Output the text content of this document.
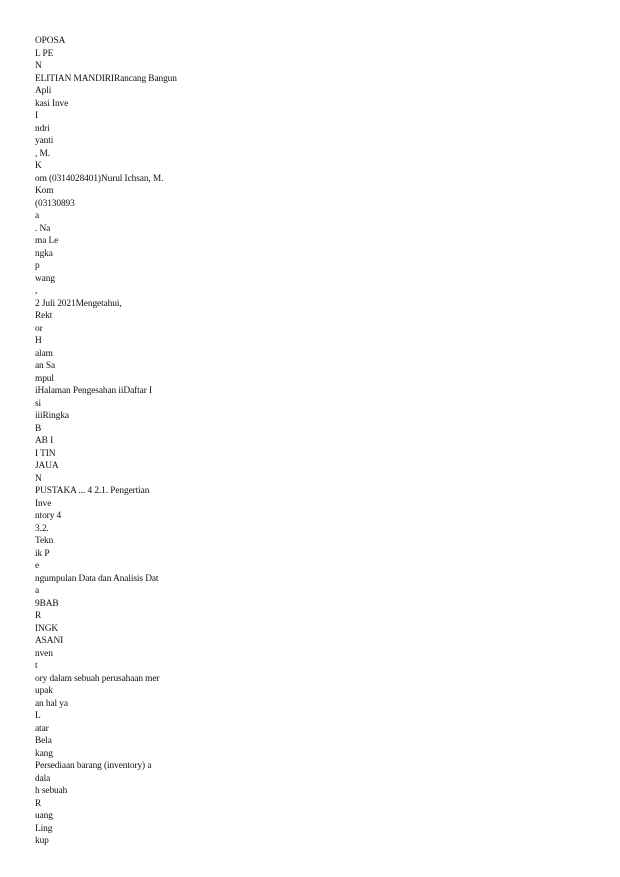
OPOSA
L PE
N
ELITIAN MANDIRIRancang Bangun
Apli
kasi Inve
I
ndri
yanti
, M.
K
om (0314028401)Nurul Ichsan, M.
Kom
(03130893
a
. Na
ma Le
ngka
p
wang
,
2 Juli 2021Mengetahui,
Rekt
or
H
alam
an Sa
mpul
iHalaman Pengesahan iiDaftar I
si
iiiRingka
B
AB I
I TIN
JAUA
N
PUSTAKA ... 4 2.1. Pengertian
Inve
ntory 4
3.2.
Tekn
ik P
e
ngumpulan Data dan Analisis Dat
a
9BAB
R
INGK
ASANI
nven
t
ory dalam sebuah perusahaan mer
upak
an hal ya
L
atar
Bela
kang
Persediaan barang (inventory) a
dala
h sebuah
R
uang
Ling
kup
